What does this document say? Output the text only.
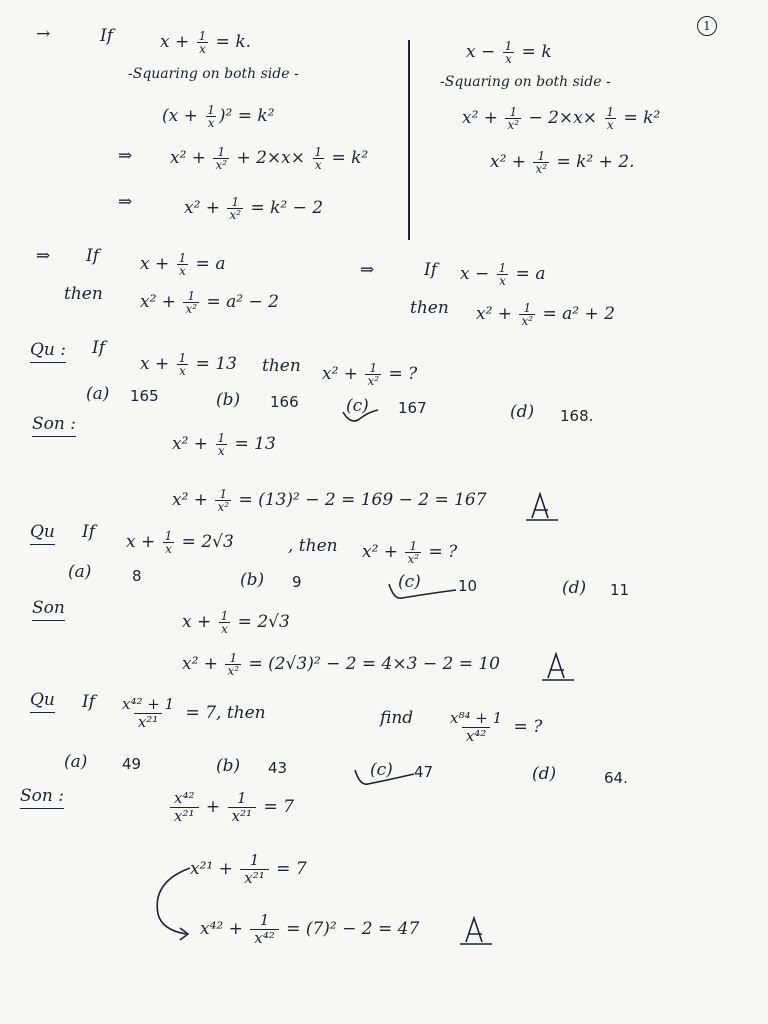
1
→	If	$x + \frac{1}{x} = k$.
-Squaring on both side -
$(x + \frac{1}{x} )^2 = k^2$
⇒ $x^2 + \frac{1}{\text{x²}} + 2\times x\times \frac{1}{x} = k^2$
⇒	$x^2 + \frac{1}{\text{x²}} = k^2 - 2$
$x - \frac{1}{x} = k$
-Squaring on both side -
$x^2 + \frac{1}{\text{x²}} - 2\times x\times \frac{1}{x} = k^2$
$x^2 + \frac{1}{\text{x²}} = k^2 + 2$.
⇒ If $x + \frac{1}{x} = a$
then $x^2 + \frac{1}{\text{x²}} = a^2 - 2$
⇒	If $x - \frac{1}{x} = a$
then $x^2 + \frac{1}{\text{x²}} = a^2 + 2$
Qu : If
$x + \frac{1}{x} = 13$ then $x^2 + \frac{1}{\text{x²}}$ = ?
(a) 165	(b) 166	(c) 167	(d) 168.
Son :
$x^2 + \frac{1}{x} = 13$
$x^2 + \frac{1}{\text{x²}} = (13)^2 - 2 = 169 - 2 = 167$
Qu If $x + \frac{1}{x} = 2√3$	, then $x^2 + \frac{1}{\text{x²}}$ = ?
(a)	8	(b) 9	(c) 10	(d) 11
Son
$x + \frac{1}{x} = 2√3$
$x^2 + \frac{1}{\text{x²}} = (2√3)^2 - 2 = 4\times 3 - 2 = 10$
Qu If $\frac{\text{x⁴² + 1}}{\text{x²¹}} = 7$, then	find $\frac{\text{x⁸⁴ + 1}}{\text{x⁴²}}$ = ?
(a) 49	(b) 43	(c) 47	(d)	64.
Son :	$\frac{\text{x⁴²}}{\text{x²¹}} + \frac{1}{\text{x²¹}} = 7$
$x^{21} + \frac{1}{\text{x²¹}} = 7$
$x^{42} + \frac{1}{\text{x⁴²}} = (7)^2 - 2 = 47$
